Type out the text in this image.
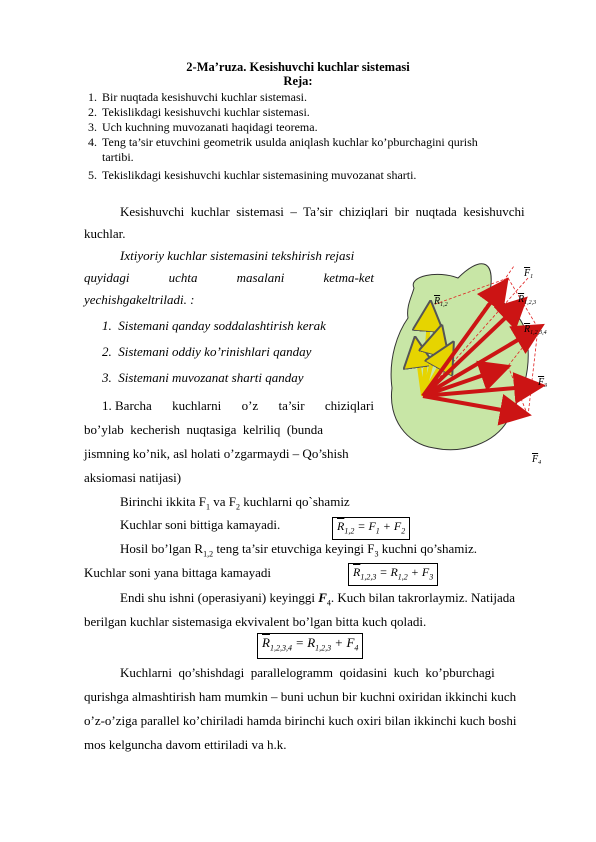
2-Ma’ruza. Kesishuvchi kuchlar sistemasi
Reja:
1. Bir nuqtada kesishuvchi kuchlar sistemasi.
2. Tekislikdagi kesishuvchi kuchlar sistemasi.
3. Uch kuchning muvozanati haqidagi teorema.
4. Teng ta’sir etuvchini geometrik usulda aniqlash kuchlar ko’pburchagini qurish
tartibi.
5. Tekislikdagi kesishuvchi kuchlar sistemasining muvozanat sharti.
Kesishuvchi  kuchlar  sistemasi  –  Ta’sir  chiziqlari  bir  nuqtada  kesishuvchi
kuchlar.
Ixtiyoriy kuchlar sistemasini tekshirish rejasi
quyidagi	uchta	masalani	ketma-ket
yechishgakeltriladi. :
1. Sistemani qanday soddalashtirish kerak
2. Sistemani oddiy ko’rinishlari qanday
3. Sistemani muvozanat sharti qanday
1. Barcha kuchlarni o’z ta’sir chiziqlari
bo’ylab  kecherish  nuqtasiga  kelriliq  (bunda
jismning ko’nik, asl holati o’zgarmaydi – Qo’shish
aksiomasi natijasi)
Birinchi ikkita $F_1$ va $F_2$ kuchlarni qo`shamiz
Kuchlar soni bittiga kamayadi.	$\overline{R}_{1,2} = F_1 + F_2$
Hosil bo’lgan $R_{1,2}$ teng ta’sir etuvchiga keyingi $F_3$ kuchni qo’shamiz.
Kuchlar soni yana bittaga kamayadi	$\overline{R}_{1,2,3} = R_{1,2} + F_3$
Endi shu ishni (operasiyani) keyinggi $F_4$. Kuch bilan takrorlaymiz. Natijada
berilgan kuchlar sistemasiga ekvivalent bo’lgan bitta kuch qoladi.
$\overline{R}_{1,2,3,4} = R_{1,2,3} + F_4$
Kuchlarni  qo’shishdagi  parallelogramm  qoidasini  kuch  ko’pburchagi
qurishga almashtirish ham mumkin – buni uchun bir kuchni oxiridan ikkinchi kuch
o’z-o’ziga parallel ko’chiriladi hamda birinchi kuch oxiri bilan ikkinchi kuch boshi
mos kelguncha davom ettiriladi va h.k.
$F_1$
$R_{1,2}$	$R_{1,2,3}$
$R_{1,2,3,4}$
$F_3$
$F_4$
